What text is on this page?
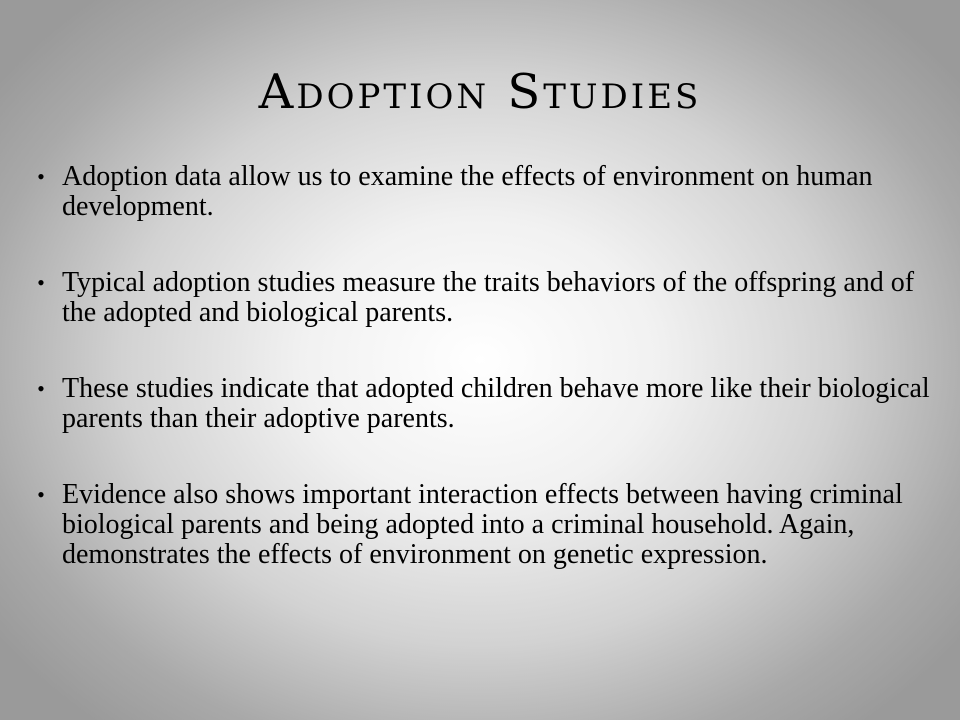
Adoption Studies
• Adoption data allow us to examine the effects of environment on human development.
• Typical adoption studies measure the traits behaviors of the offspring and of the adopted and biological parents.
• These studies indicate that adopted children behave more like their biological parents than their adoptive parents.
• Evidence also shows important interaction effects between having criminal biological parents and being adopted into a criminal household. Again, demonstrates the effects of environment on genetic expression.
